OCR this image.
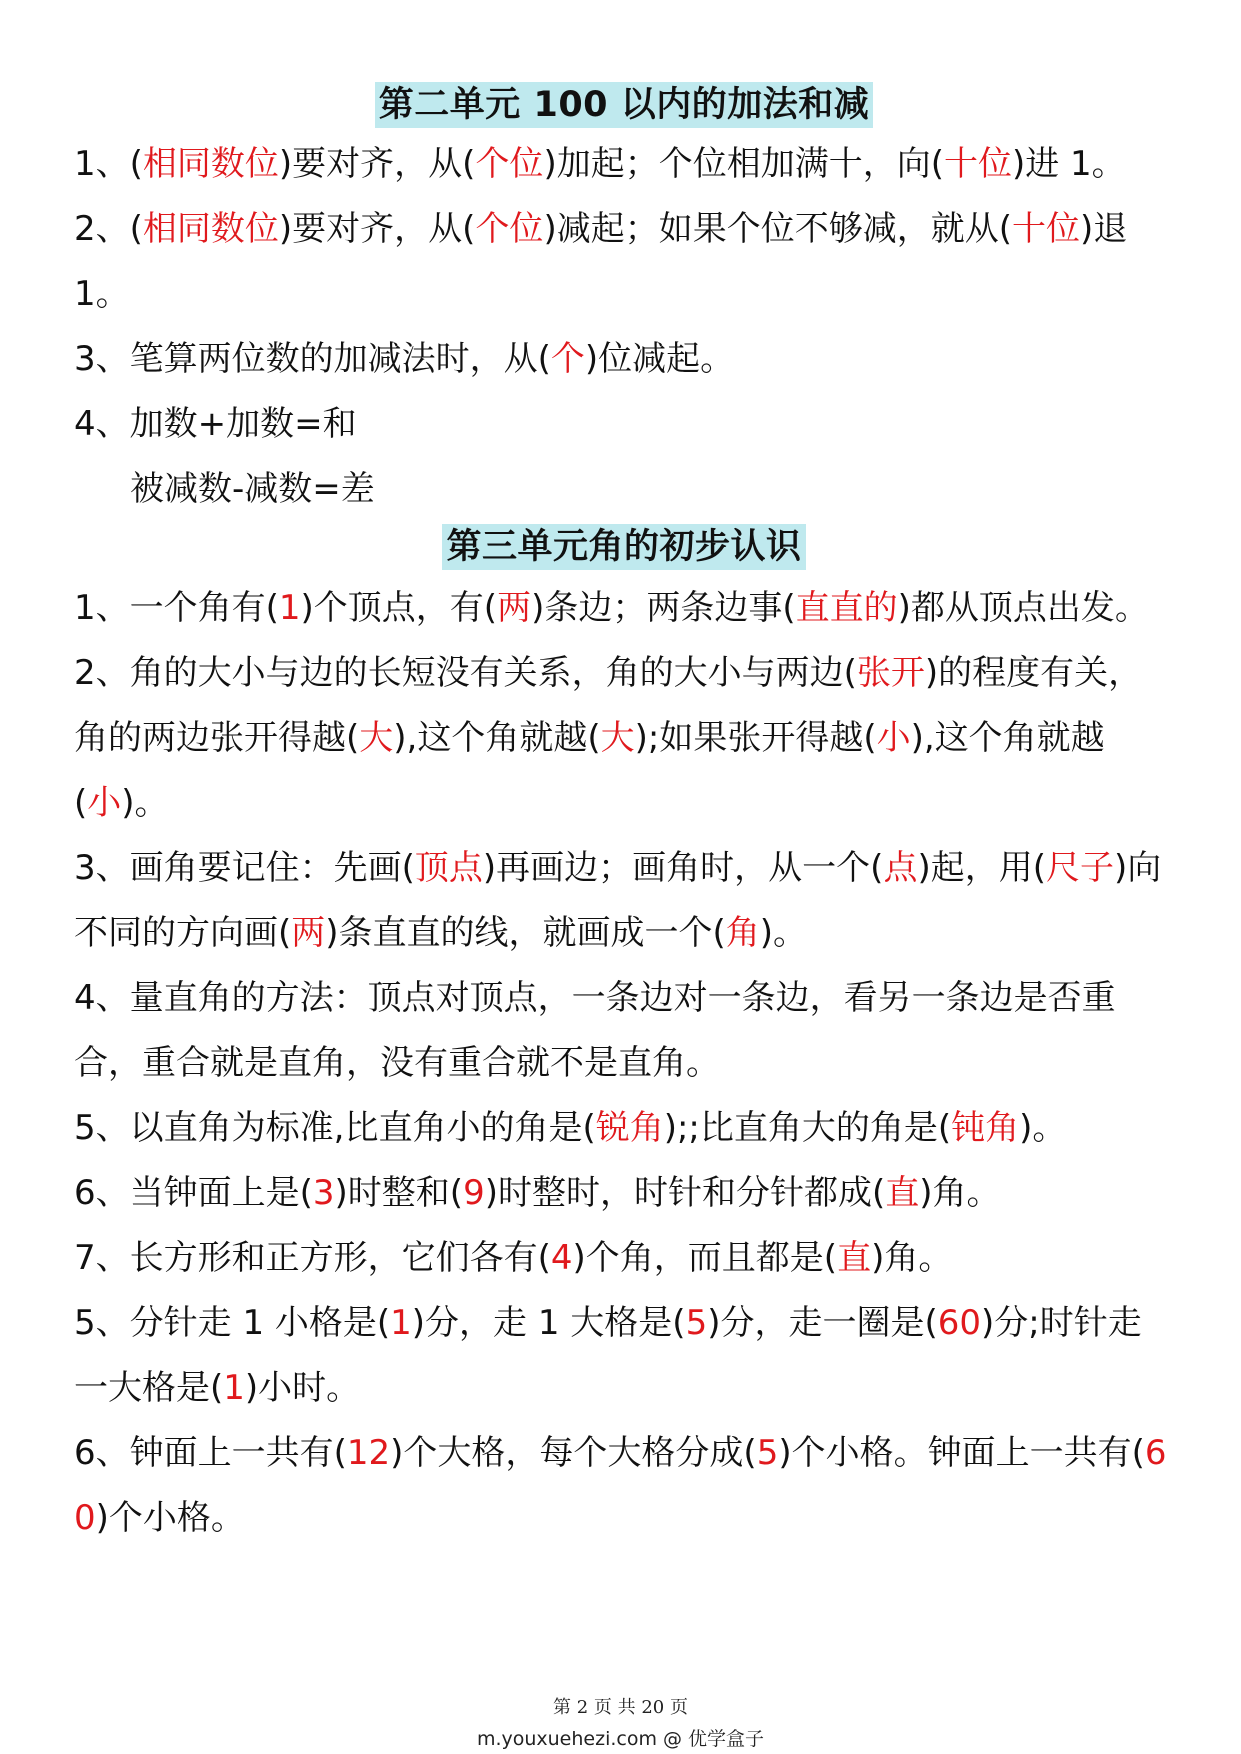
第二单元 100 以内的加法和减

1、(相同数位)要对齐，从(个位)加起；个位相加满十，向(十位)进 1。

2、(相同数位)要对齐，从(个位)减起；如果个位不够减，就从(十位)退 1。

3、笔算两位数的加减法时，从(个)位减起。

4、加数+加数=和

被减数-减数=差

第三单元角的初步认识

1、一个角有(1)个顶点，有(两)条边；两条边事(直直的)都从顶点出发。

2、角的大小与边的长短没有关系，角的大小与两边(张开)的程度有关，角的两边张开得越(大),这个角就越(大);如果张开得越(小),这个角就越(小)。

3、画角要记住：先画(顶点)再画边；画角时，从一个(点)起，用(尺子)向不同的方向画(两)条直直的线，就画成一个(角)。

4、量直角的方法：顶点对顶点，一条边对一条边，看另一条边是否重合，重合就是直角，没有重合就不是直角。

5、以直角为标准,比直角小的角是(锐角);;比直角大的角是(钝角)。

6、当钟面上是(3)时整和(9)时整时，时针和分针都成(直)角。

7、长方形和正方形，它们各有(4)个角，而且都是(直)角。

5、分针走 1 小格是(1)分，走 1 大格是(5)分，走一圈是(60)分;时针走一大格是(1)小时。

6、钟面上一共有(12)个大格，每个大格分成(5)个小格。钟面上一共有(60)个小格。

第 2 页 共 20 页
m.youxuehezi.com @ 优学盒子
